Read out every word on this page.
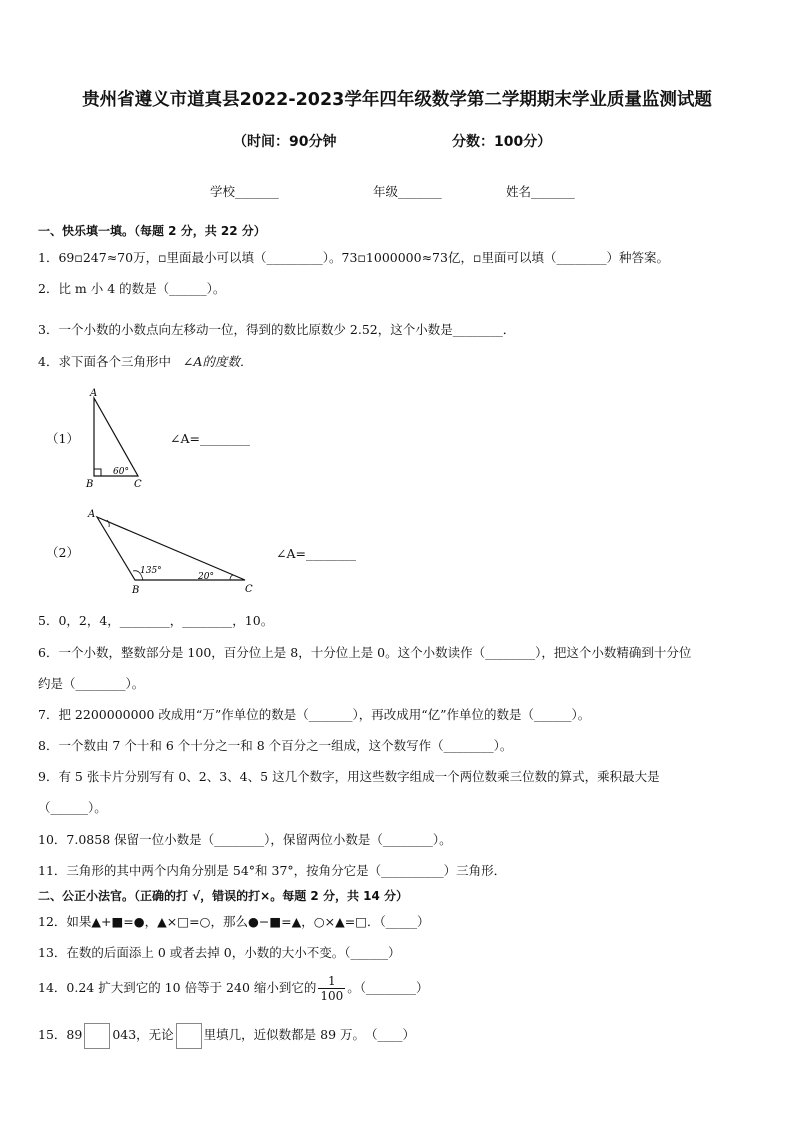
贵州省遵义市道真县2022-2023学年四年级数学第二学期期末学业质量监测试题
（时间：90分钟	分数：100分）
学校_______	年级_______	姓名_______
一、快乐填一填。（每题 2 分，共 22 分）
1．69▫247≈70万，▫里面最小可以填（_________）。73▫1000000≈73亿，▫里面可以填（________）种答案。
2．比 m 小 4 的数是（______）。
3．一个小数的小数点向左移动一位，得到的数比原数少 2.52，这个小数是________．
4．求下面各个三角形中 ∠A的度数．
（1）
A
B	C
60°
∠A=________
（2）
A
B	C
135°
20°
∠A=________
5．0，2，4，________，________，10。
6．一个小数，整数部分是 100，百分位上是 8，十分位上是 0。这个小数读作（________），把这个小数精确到十分位
约是（________）。
7．把 2200000000 改成用“万”作单位的数是（_______），再改成用“亿”作单位的数是（______）。
8．一个数由 7 个十和 6 个十分之一和 8 个百分之一组成，这个数写作（________）。
9．有 5 张卡片分别写有 0、2、3、4、5 这几个数字，用这些数字组成一个两位数乘三位数的算式，乘积最大是
（______）。
10．7.0858 保留一位小数是（________），保留两位小数是（________）。
11．三角形的其中两个内角分别是 54°和 37°，按角分它是（__________）三角形．
二、公正小法官。（正确的打 √，错误的打×。每题 2 分，共 14 分）
12．如果▲+■=●，▲×□=○，那么●−■=▲，○×▲=□．（_____）
13．在数的后面添上 0 或者去掉 0，小数的大小不变。（______）
14．0.24 扩大到它的 10 倍等于 240 缩小到它的 $\frac{1}{100}$ 。（________）
15．89 043，无论 里填几，近似数都是 89 万。　（____）
